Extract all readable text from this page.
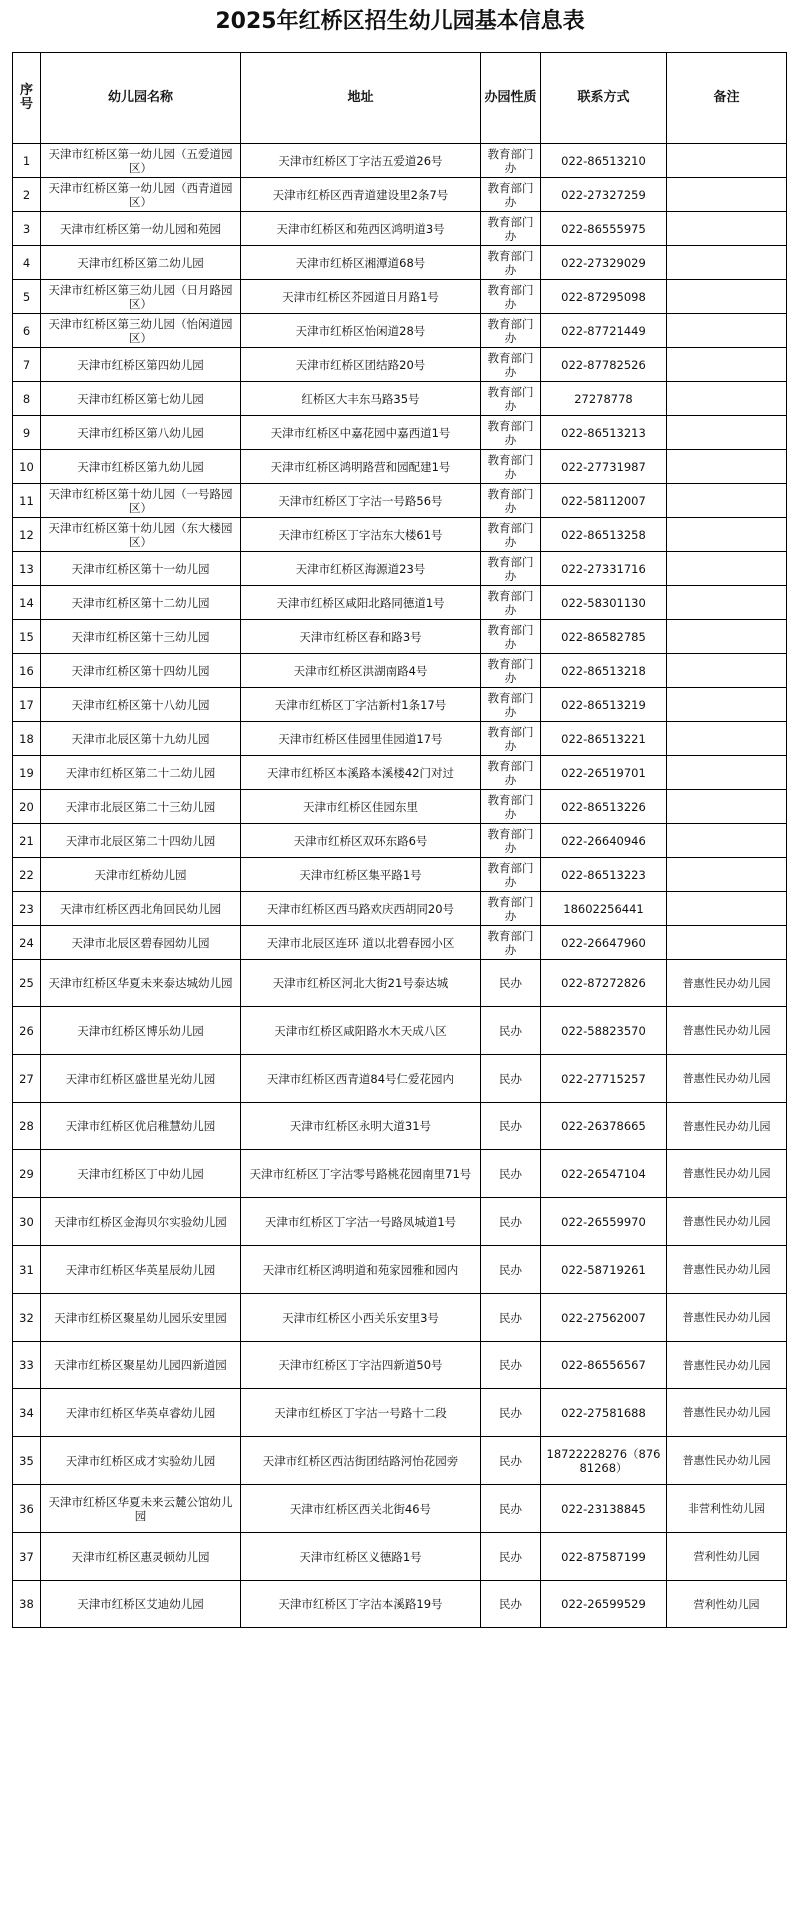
2025年红桥区招生幼儿园基本信息表
序号	幼儿园名称	地址	办园性质	联系方式	备注
1	天津市红桥区第一幼儿园（五爱道园区）	天津市红桥区丁字沽五爱道26号	教育部门办	022-86513210	
2	天津市红桥区第一幼儿园（西青道园区）	天津市红桥区西青道建设里2条7号	教育部门办	022-27327259	
3	天津市红桥区第一幼儿园和苑园	天津市红桥区和苑西区鸿明道3号	教育部门办	022-86555975	
4	天津市红桥区第二幼儿园	天津市红桥区湘潭道68号	教育部门办	022-27329029	
5	天津市红桥区第三幼儿园（日月路园区）	天津市红桥区芥园道日月路1号	教育部门办	022-87295098	
6	天津市红桥区第三幼儿园（怡闲道园区）	天津市红桥区怡闲道28号	教育部门办	022-87721449	
7	天津市红桥区第四幼儿园	天津市红桥区团结路20号	教育部门办	022-87782526	
8	天津市红桥区第七幼儿园	红桥区大丰东马路35号	教育部门办	27278778	
9	天津市红桥区第八幼儿园	天津市红桥区中嘉花园中嘉西道1号	教育部门办	022-86513213	
10	天津市红桥区第九幼儿园	天津市红桥区鸿明路营和园配建1号	教育部门办	022-27731987	
11	天津市红桥区第十幼儿园（一号路园区）	天津市红桥区丁字沽一号路56号	教育部门办	022-58112007	
12	天津市红桥区第十幼儿园（东大楼园区）	天津市红桥区丁字沽东大楼61号	教育部门办	022-86513258	
13	天津市红桥区第十一幼儿园	天津市红桥区海源道23号	教育部门办	022-27331716	
14	天津市红桥区第十二幼儿园	天津市红桥区咸阳北路同德道1号	教育部门办	022-58301130	
15	天津市红桥区第十三幼儿园	天津市红桥区春和路3号	教育部门办	022-86582785	
16	天津市红桥区第十四幼儿园	天津市红桥区洪湖南路4号	教育部门办	022-86513218	
17	天津市红桥区第十八幼儿园	天津市红桥区丁字沽新村1条17号	教育部门办	022-86513219	
18	天津市北辰区第十九幼儿园	天津市红桥区佳园里佳园道17号	教育部门办	022-86513221	
19	天津市红桥区第二十二幼儿园	天津市红桥区本溪路本溪楼42门对过	教育部门办	022-26519701	
20	天津市北辰区第二十三幼儿园	天津市红桥区佳园东里	教育部门办	022-86513226	
21	天津市北辰区第二十四幼儿园	天津市红桥区双环东路6号	教育部门办	022-26640946	
22	天津市红桥幼儿园	天津市红桥区集平路1号	教育部门办	022-86513223	
23	天津市红桥区西北角回民幼儿园	天津市红桥区西马路欢庆西胡同20号	教育部门办	18602256441	
24	天津市北辰区碧春园幼儿园	天津市北辰区连环 道以北碧春园小区	教育部门办	022-26647960	
25	天津市红桥区华夏未来泰达城幼儿园	天津市红桥区河北大街21号泰达城	民办	022-87272826	普惠性民办幼儿园
26	天津市红桥区博乐幼儿园	天津市红桥区咸阳路水木天成八区	民办	022-58823570	普惠性民办幼儿园
27	天津市红桥区盛世星光幼儿园	天津市红桥区西青道84号仁爱花园内	民办	022-27715257	普惠性民办幼儿园
28	天津市红桥区优启稚慧幼儿园	天津市红桥区永明大道31号	民办	022-26378665	普惠性民办幼儿园
29	天津市红桥区丁中幼儿园	天津市红桥区丁字沽零号路桃花园南里71号	民办	022-26547104	普惠性民办幼儿园
30	天津市红桥区金海贝尔实验幼儿园	天津市红桥区丁字沽一号路凤城道1号	民办	022-26559970	普惠性民办幼儿园
31	天津市红桥区华英星辰幼儿园	天津市红桥区鸿明道和苑家园雅和园内	民办	022-58719261	普惠性民办幼儿园
32	天津市红桥区聚星幼儿园乐安里园	天津市红桥区小西关乐安里3号	民办	022-27562007	普惠性民办幼儿园
33	天津市红桥区聚星幼儿园四新道园	天津市红桥区丁字沽四新道50号	民办	022-86556567	普惠性民办幼儿园
34	天津市红桥区华英卓睿幼儿园	天津市红桥区丁字沽一号路十二段	民办	022-27581688	普惠性民办幼儿园
35	天津市红桥区成才实验幼儿园	天津市红桥区西沽街团结路河怡花园旁	民办	18722228276（87681268）	普惠性民办幼儿园
36	天津市红桥区华夏未来云麓公馆幼儿园	天津市红桥区西关北街46号	民办	022-23138845	非营利性幼儿园
37	天津市红桥区惠灵顿幼儿园	天津市红桥区义德路1号	民办	022-87587199	营利性幼儿园
38	天津市红桥区艾迪幼儿园	天津市红桥区丁字沽本溪路19号	民办	022-26599529	营利性幼儿园
